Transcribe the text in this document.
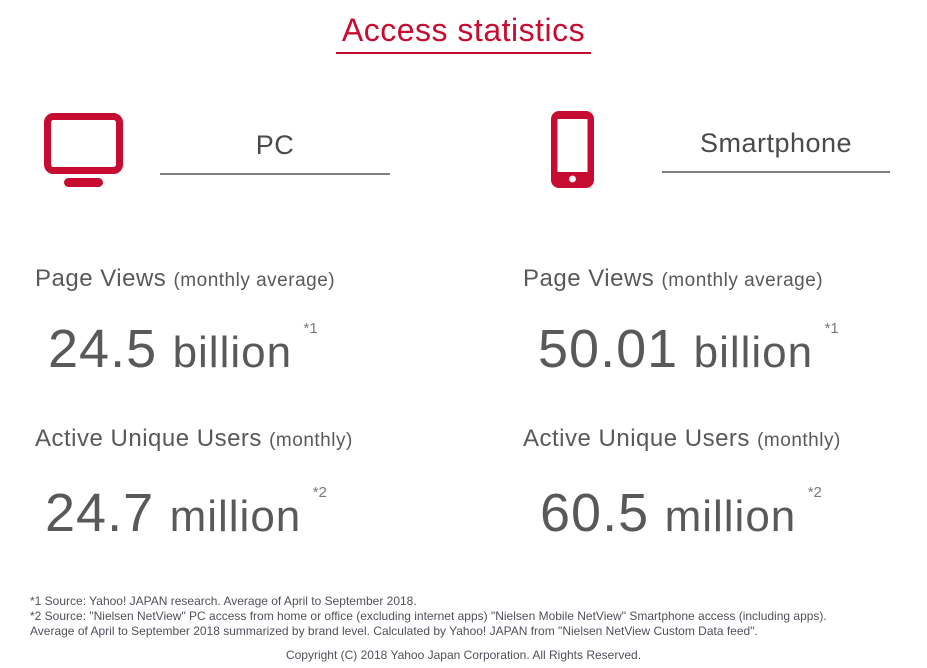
Access statistics
PC	Smartphone
Page Views (monthly average)
24.5 billion *1
Page Views (monthly average)
50.01 billion *1
Active Unique Users (monthly)
24.7 million *2
Active Unique Users (monthly)
60.5 million *2
*1 Source: Yahoo! JAPAN research. Average of April to September 2018.
*2 Source: "Nielsen NetView" PC access from home or office (excluding internet apps) "Nielsen Mobile NetView" Smartphone access (including apps).
Average of April to September 2018 summarized by brand level. Calculated by Yahoo! JAPAN from "Nielsen NetView Custom Data feed".
Copyright (C) 2018 Yahoo Japan Corporation. All Rights Reserved.
